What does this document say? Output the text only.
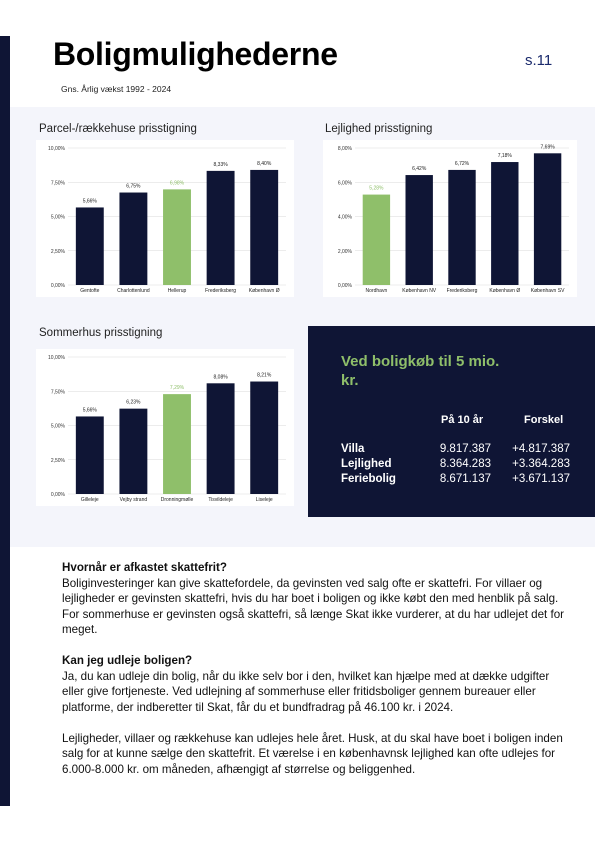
Boligmulighederne	s.11
Gns. Årlig vækst 1992 - 2024
Parcel-/rækkehuse prisstigning
0,00%
2,50%
5,00%
7,50%
10,00%
5,66%
Gentofte
6,75%
Charlottenlund
6,98%
Hellerup
8,33%
Frederiksberg
8,40%
København Ø
Lejlighed prisstigning
0,00%
2,00%
4,00%
6,00%
8,00%
5,28%
Nordhavn
6,42%
København NV
6,72%
Frederiksberg
7,18%
København Ø
7,69%
København SV
Sommerhus prisstigning
0,00%
2,50%
5,00%
7,50%
10,00%
5,66%
Gilleleje
6,23%
Vejby strand
7,29%
Dronningmølle
8,08%
Tisvildeleje
8,21%
Liseleje
Ved boligkøb til 5 mio. kr.
På 10 år	Forskel
Villa	9.817.387 +4.817.387
Lejlighed	8.364.283 +3.364.283
Feriebolig	8.671.137 +3.671.137
Hvornår er afkastet skattefrit?

Boliginvesteringer kan give skattefordele, da gevinsten ved salg ofte er skattefri. For villaer og lejligheder er gevinsten skattefri, hvis du har boet i boligen og ikke købt den med henblik på salg. For sommerhuse er gevinsten også skattefri, så længe Skat ikke vurderer, at du har udlejet det for meget.

Kan jeg udleje boligen?

Ja, du kan udleje din bolig, når du ikke selv bor i den, hvilket kan hjælpe med at dække udgifter eller give fortjeneste. Ved udlejning af sommerhuse eller fritidsboliger gennem bureauer eller platforme, der indberetter til Skat, får du et bundfradrag på 46.100 kr. i 2024.

Lejligheder, villaer og rækkehuse kan udlejes hele året. Husk, at du skal have boet i boligen inden salg for at kunne sælge den skattefrit. Et værelse i en københavnsk lejlighed kan ofte udlejes for 6.000-8.000 kr. om måneden, afhængigt af størrelse og beliggenhed.
